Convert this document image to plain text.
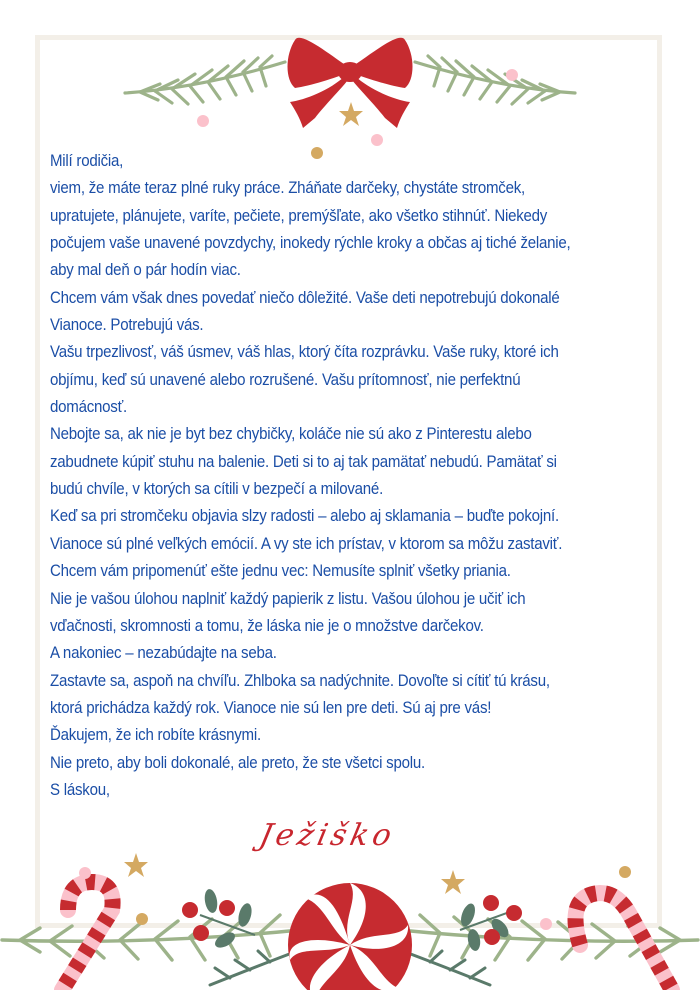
Milí rodičia,
viem, že máte teraz plné ruky práce. Zháňate darčeky, chystáte stromček,
upratujete, plánujete, varíte, pečiete, premýšľate, ako všetko stihnúť. Niekedy
počujem vaše unavené povzdychy, inokedy rýchle kroky a občas aj tiché želanie,
aby mal deň o pár hodín viac.
Chcem vám však dnes povedať niečo dôležité. Vaše deti nepotrebujú dokonalé
Vianoce. Potrebujú vás.
Vašu trpezlivosť, váš úsmev, váš hlas, ktorý číta rozprávku. Vaše ruky, ktoré ich
objímu, keď sú unavené alebo rozrušené. Vašu prítomnosť, nie perfektnú
domácnosť.
Nebojte sa, ak nie je byt bez chybičky, koláče nie sú ako z Pinterestu alebo
zabudnete kúpiť stuhu na balenie. Deti si to aj tak pamätať nebudú. Pamätať si
budú chvíle, v ktorých sa cítili v bezpečí a milované.
Keď sa pri stromčeku objavia slzy radosti – alebo aj sklamania – buďte pokojní.
Vianoce sú plné veľkých emócií. A vy ste ich prístav, v ktorom sa môžu zastaviť.
Chcem vám pripomenúť ešte jednu vec: Nemusíte splniť všetky priania.
Nie je vašou úlohou naplniť každý papierik z listu. Vašou úlohou je učiť ich
vďačnosti, skromnosti a tomu, že láska nie je o množstve darčekov.
A nakoniec – nezabúdajte na seba.
Zastavte sa, aspoň na chvíľu. Zhlboka sa nadýchnite. Dovoľte si cítiť tú krásu,
ktorá prichádza každý rok. Vianoce nie sú len pre deti. Sú aj pre vás!
Ďakujem, že ich robíte krásnymi.
Nie preto, aby boli dokonalé, ale preto, že ste všetci spolu.
S láskou,
Ježiško
